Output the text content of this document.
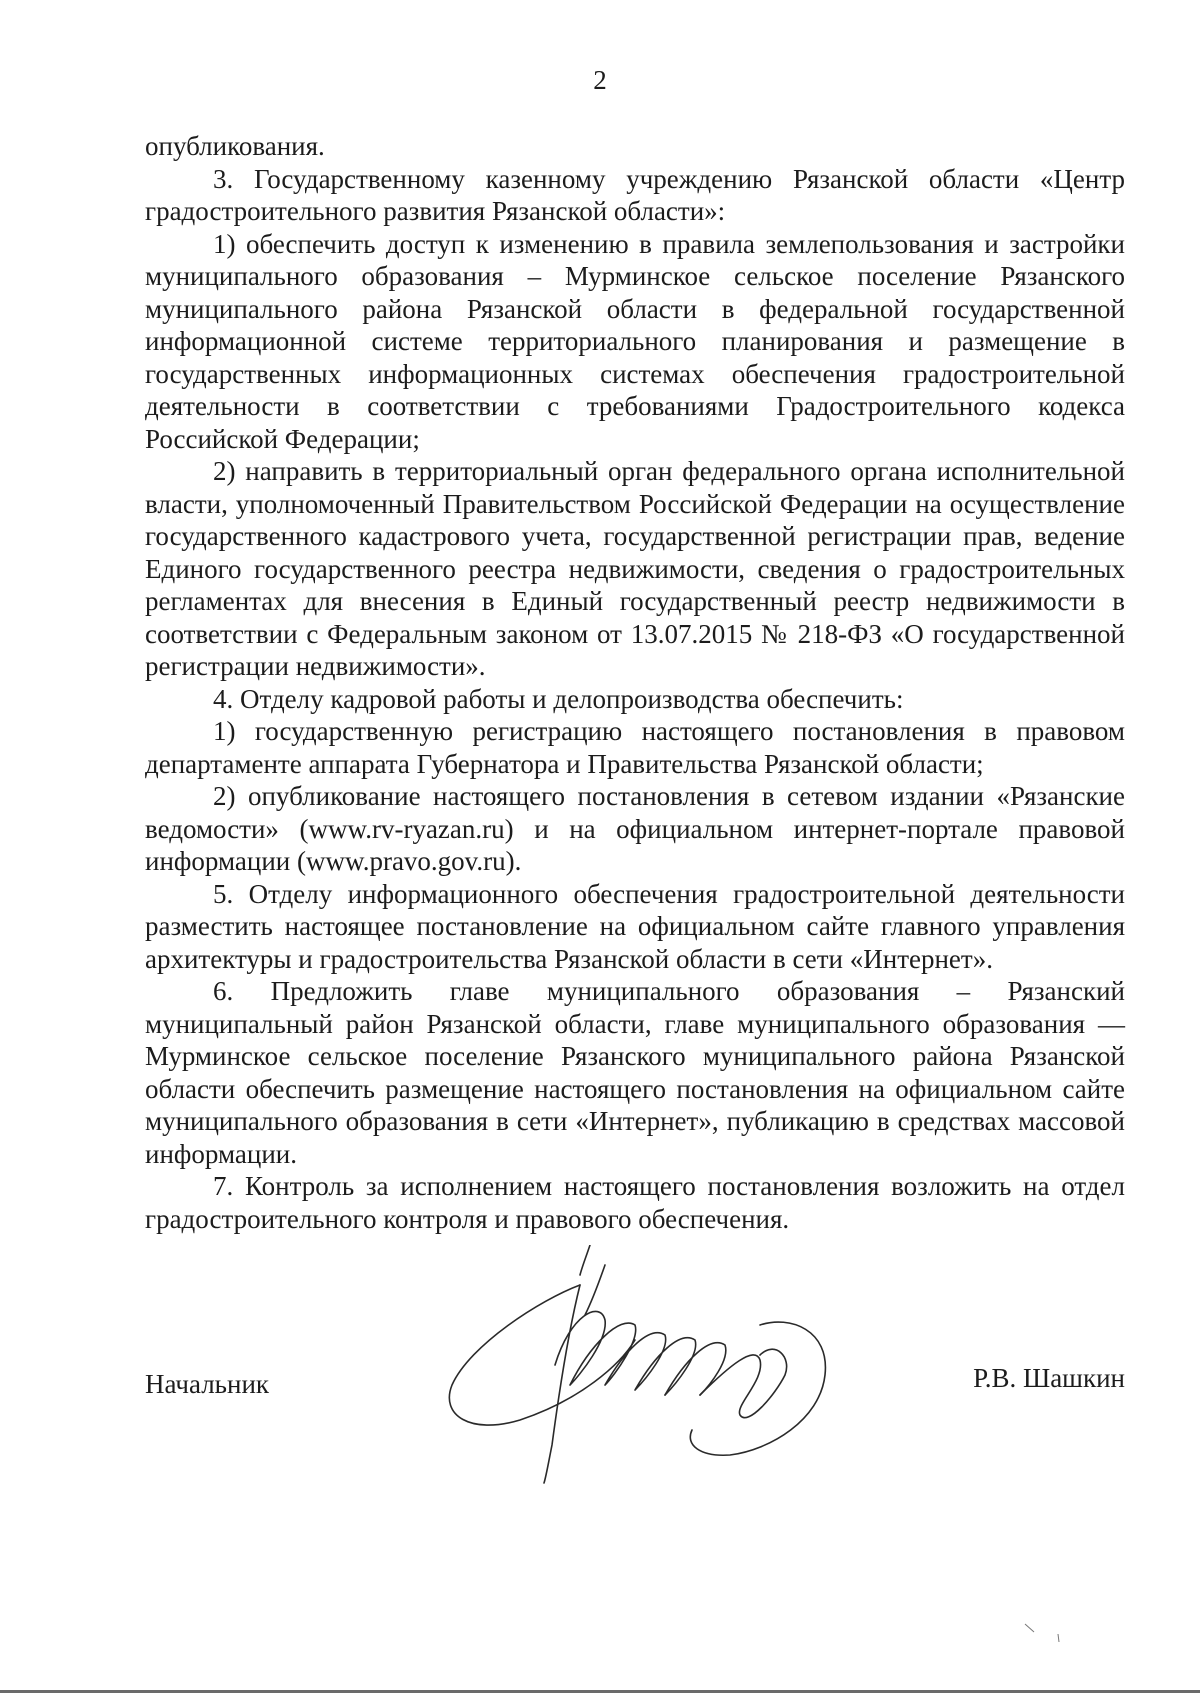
2

опубликования.

3. Государственному казенному учреждению Рязанской области «Центр градостроительного развития Рязанской области»:

1) обеспечить доступ к изменению в правила землепользования и застройки муниципального образования – Мурминское сельское поселение Рязанского муниципального района Рязанской области в федеральной государственной информационной системе территориального планирования и размещение в государственных информационных системах обеспечения градостроительной деятельности в соответствии с требованиями Градостроительного кодекса Российской Федерации;

2) направить в территориальный орган федерального органа исполнительной власти, уполномоченный Правительством Российской Федерации на осуществление государственного кадастрового учета, государственной регистрации прав, ведение Единого государственного реестра недвижимости, сведения о градостроительных регламентах для внесения в Единый государственный реестр недвижимости в соответствии с Федеральным законом от 13.07.2015 № 218-ФЗ «О государственной регистрации недвижимости».

4. Отделу кадровой работы и делопроизводства обеспечить:

1) государственную регистрацию настоящего постановления в правовом департаменте аппарата Губернатора и Правительства Рязанской области;

2) опубликование настоящего постановления в сетевом издании «Рязанские ведомости» (www.rv-ryazan.ru) и на официальном интернет-портале правовой информации (www.pravo.gov.ru).

5. Отделу информационного обеспечения градостроительной деятельности разместить настоящее постановление на официальном сайте главного управления архитектуры и градостроительства Рязанской области в сети «Интернет».

6. Предложить главе муниципального образования – Рязанский муниципальный район Рязанской области, главе муниципального образования — Мурминское сельское поселение Рязанского муниципального района Рязанской области обеспечить размещение настоящего постановления на официальном сайте муниципального образования в сети «Интернет», публикацию в средствах массовой информации.

7. Контроль за исполнением настоящего постановления возложить на отдел градостроительного контроля и правового обеспечения.

Начальник	Р.В. Шашкин
